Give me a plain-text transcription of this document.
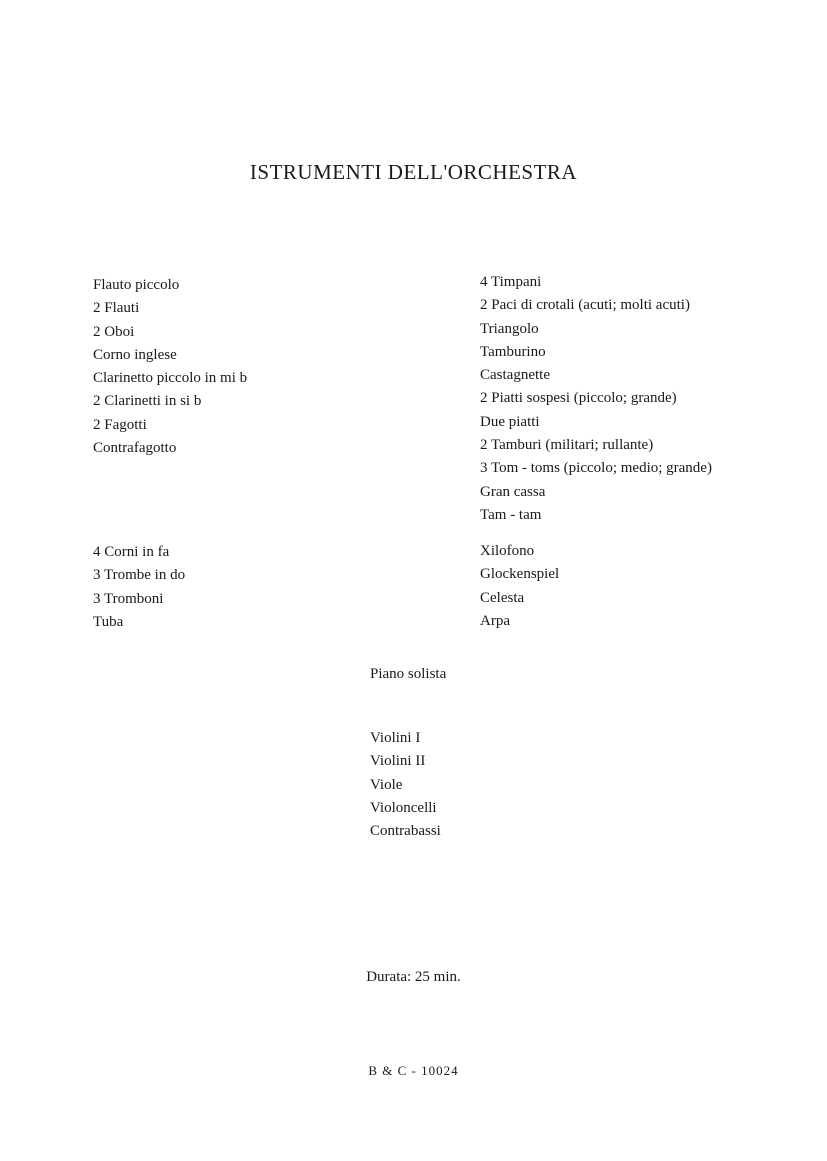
ISTRUMENTI DELL'ORCHESTRA
Flauto piccolo
2 Flauti
2 Oboi
Corno inglese
Clarinetto piccolo in mi b
2 Clarinetti in si b
2 Fagotti
Contrafagotto
4 Corni in fa
3 Trombe in do
3 Tromboni
Tuba
4 Timpani
2 Paci di crotali (acuti; molti acuti)
Triangolo
Tamburino
Castagnette
2 Piatti sospesi (piccolo; grande)
Due piatti
2 Tamburi (militari; rullante)
3 Tom - toms (piccolo; medio; grande)
Gran cassa
Tam - tam
Xilofono
Glockenspiel
Celesta
Arpa
Piano solista
Violini I
Violini II
Viole
Violoncelli
Contrabassi
Durata: 25 min.
B & C - 10024
